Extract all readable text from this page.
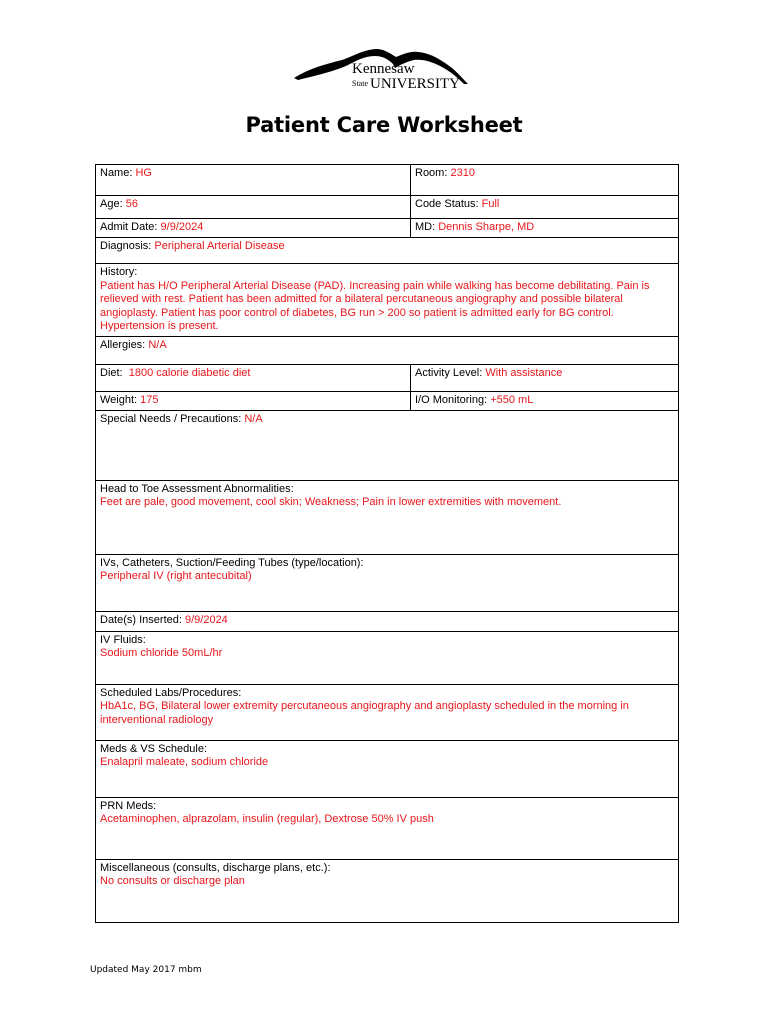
Kennesaw
State UNIVERSITY
Patient Care Worksheet
Name: HG	Room: 2310
Age: 56	Code Status: Full
Admit Date: 9/9/2024	MD: Dennis Sharpe, MD
Diagnosis: Peripheral Arterial Disease	

History:
Patient has H/O Peripheral Arterial Disease (PAD). Increasing pain while walking has become debilitating. Pain is relieved with rest. Patient has been admitted for a bilateral percutaneous angiography and possible bilateral angioplasty. Patient has poor control of diabetes, BG run > 200 so patient is admitted early for BG control. Hypertension is present.	

Allergies: N/A	
Diet: 1800 calorie diabetic diet	Activity Level: With assistance
Weight: 175	I/O Monitoring: +550 mL
Special Needs / Precautions: N/A	

Head to Toe Assessment Abnormalities:
Feet are pale, good movement, cool skin; Weakness; Pain in lower extremities with movement.	

IVs, Catheters, Suction/Feeding Tubes (type/location):
Peripheral IV (right antecubital)	

Date(s) Inserted: 9/9/2024	

IV Fluids:
Sodium chloride 50mL/hr	

Scheduled Labs/Procedures:
HbA1c, BG, Bilateral lower extremity percutaneous angiography and angioplasty scheduled in the morning in interventional radiology	

Meds & VS Schedule:
Enalapril maleate, sodium chloride	

PRN Meds:
Acetaminophen, alprazolam, insulin (regular), Dextrose 50% IV push	

Miscellaneous (consults, discharge plans, etc.):
No consults or discharge plan	
Updated May 2017 mbm
